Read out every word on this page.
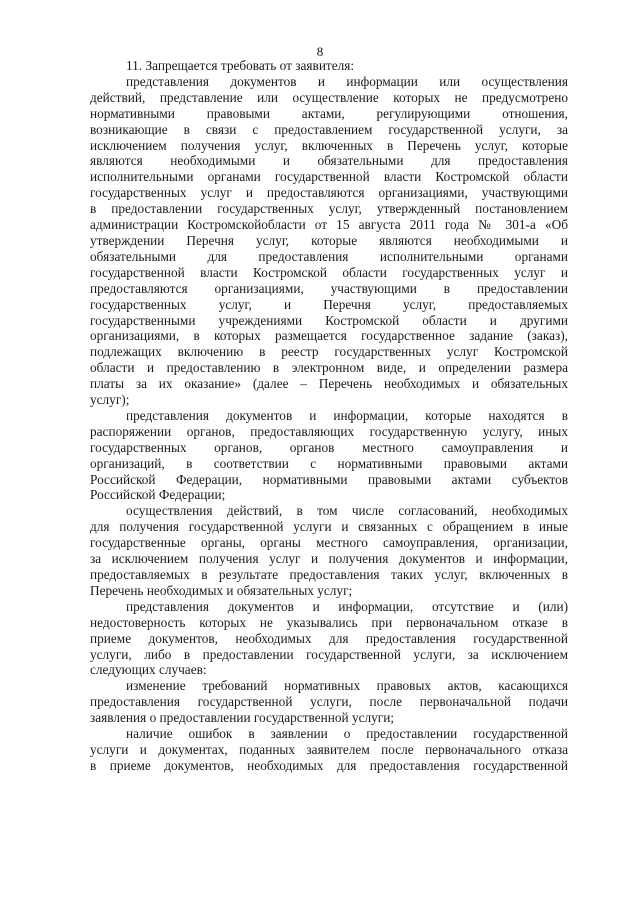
8
11. Запрещается требовать от заявителя:
представления документов и информации или осуществления
действий, представление или осуществление которых не предусмотрено
нормативными правовыми актами, регулирующими отношения,
возникающие в связи с предоставлением государственной услуги, за
исключением получения услуг, включенных в Перечень услуг, которые
являются необходимыми и обязательными для предоставления
исполнительными органами государственной власти Костромской области
государственных услуг и предоставляются организациями, участвующими
в предоставлении государственных услуг, утвержденный постановлением
администрации Костромскойобласти от 15 августа 2011 года № 301-а «Об
утверждении Перечня услуг, которые являются необходимыми и
обязательными для предоставления исполнительными органами
государственной власти Костромской области государственных услуг и
предоставляются организациями, участвующими в предоставлении
государственных услуг, и Перечня услуг, предоставляемых
государственными учреждениями Костромской области и другими
организациями, в которых размещается государственное задание (заказ),
подлежащих включению в реестр государственных услуг Костромской
области и предоставлению в электронном виде, и определении размера
платы за их оказание» (далее – Перечень необходимых и обязательных
услуг);
представления документов и информации, которые находятся в
распоряжении органов, предоставляющих государственную услугу, иных
государственных органов, органов местного самоуправления и
организаций, в соответствии с нормативными правовыми актами
Российской Федерации, нормативными правовыми актами субъектов
Российской Федерации;
осуществления действий, в том числе согласований, необходимых
для получения государственной услуги и связанных с обращением в иные
государственные органы, органы местного самоуправления, организации,
за исключением получения услуг и получения документов и информации,
предоставляемых в результате предоставления таких услуг, включенных в
Перечень необходимых и обязательных услуг;
представления документов и информации, отсутствие и (или)
недостоверность которых не указывались при первоначальном отказе в
приеме документов, необходимых для предоставления государственной
услуги, либо в предоставлении государственной услуги, за исключением
следующих случаев:
изменение требований нормативных правовых актов, касающихся
предоставления государственной услуги, после первоначальной подачи
заявления о предоставлении государственной услуги;
наличие ошибок в заявлении о предоставлении государственной
услуги и документах, поданных заявителем после первоначального отказа
в приеме документов, необходимых для предоставления государственной
